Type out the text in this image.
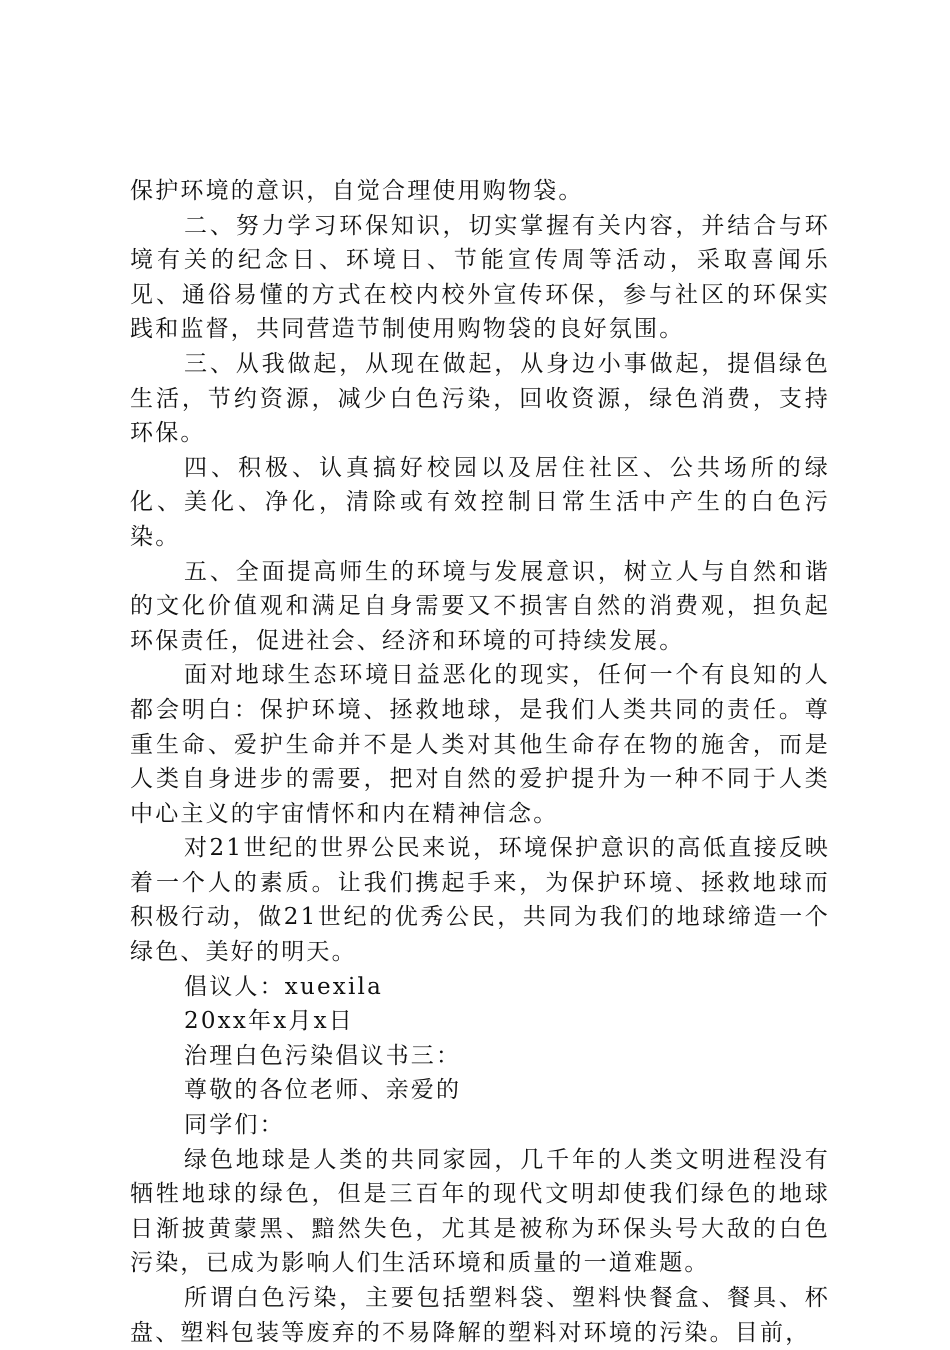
保护环境的意识，自觉合理使用购物袋。

二、努力学习环保知识，切实掌握有关内容，并结合与环境有关的纪念日、环境日、节能宣传周等活动，采取喜闻乐见、通俗易懂的方式在校内校外宣传环保，参与社区的环保实践和监督，共同营造节制使用购物袋的良好氛围。

三、从我做起，从现在做起，从身边小事做起，提倡绿色生活，节约资源，减少白色污染，回收资源，绿色消费，支持环保。

四、积极、认真搞好校园以及居住社区、公共场所的绿化、美化、净化，清除或有效控制日常生活中产生的白色污染。

五、全面提高师生的环境与发展意识，树立人与自然和谐的文化价值观和满足自身需要又不损害自然的消费观，担负起环保责任，促进社会、经济和环境的可持续发展。

面对地球生态环境日益恶化的现实，任何一个有良知的人都会明白：保护环境、拯救地球，是我们人类共同的责任。尊重生命、爱护生命并不是人类对其他生命存在物的施舍，而是人类自身进步的需要，把对自然的爱护提升为一种不同于人类中心主义的宇宙情怀和内在精神信念。

对21世纪的世界公民来说，环境保护意识的高低直接反映着一个人的素质。让我们携起手来，为保护环境、拯救地球而积极行动，做21世纪的优秀公民，共同为我们的地球缔造一个绿色、美好的明天。

倡议人：xuexila

20xx年x月x日

治理白色污染倡议书三：

尊敬的各位老师、亲爱的

同学们：

绿色地球是人类的共同家园，几千年的人类文明进程没有牺牲地球的绿色，但是三百年的现代文明却使我们绿色的地球日渐披黄蒙黑、黯然失色，尤其是被称为环保头号大敌的白色污染，已成为影响人们生活环境和质量的一道难题。

所谓白色污染，主要包括塑料袋、塑料快餐盒、餐具、杯盘、塑料包装等废弃的不易降解的塑料对环境的污染。目前，
